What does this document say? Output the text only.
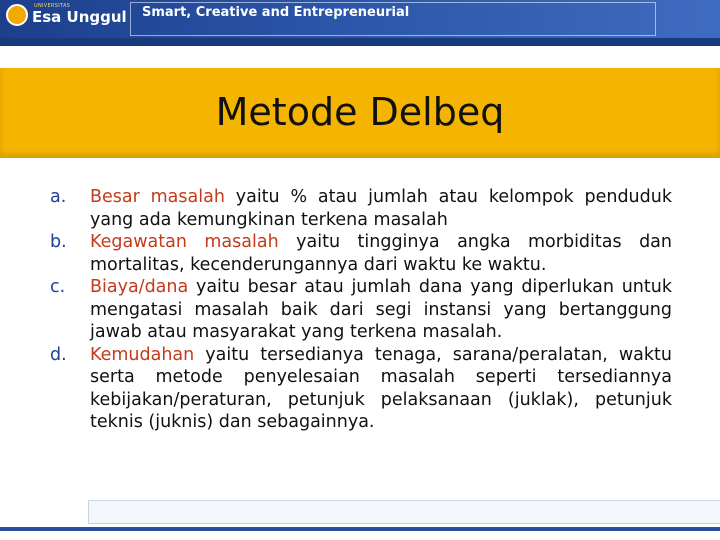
UNIVERSITAS
Esa Unggul Smart, Creative and Entrepreneurial
Metode Delbeq
a.	Besar masalah yaitu % atau jumlah atau kelompok penduduk yang ada kemungkinan terkena masalah
b.	Kegawatan masalah yaitu tingginya angka morbiditas dan mortalitas, kecenderungannya dari waktu ke waktu.
c.	Biaya/dana yaitu besar atau jumlah dana yang diperlukan untuk mengatasi masalah baik dari segi instansi yang bertanggung jawab atau masyarakat yang terkena masalah.
d.	Kemudahan yaitu tersedianya tenaga, sarana/peralatan, waktu serta metode penyelesaian masalah seperti tersediannya kebijakan/peraturan, petunjuk pelaksanaan (juklak), petunjuk teknis (juknis) dan sebagainnya.
